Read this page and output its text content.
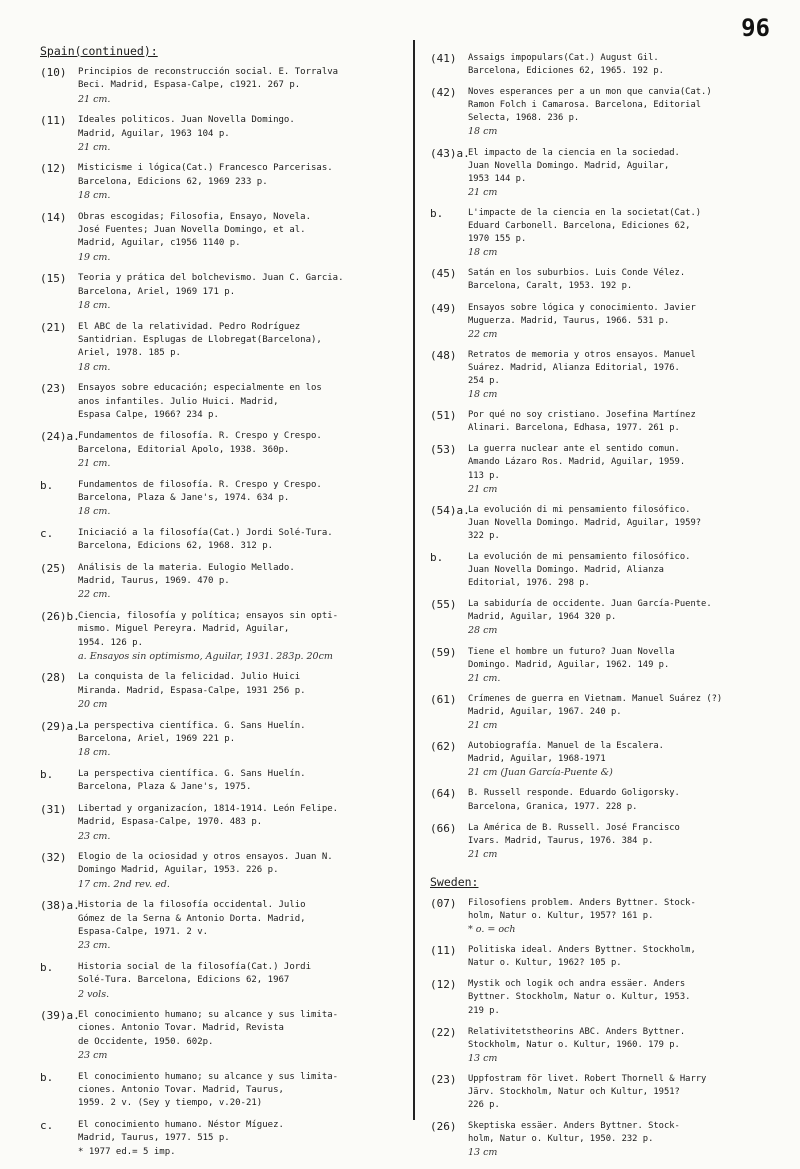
96
Spain(continued):
(10) Principios de reconstrucción social. E. Torralva
Beci. Madrid, Espasa-Calpe, c1921. 267 p.
21 cm.
(11) Ideales politicos. Juan Novella Domingo.
Madrid, Aguilar, 1963 104 p.
21 cm.
(12) Misticisme i lógica(Cat.) Francesco Parcerisas.
Barcelona, Edicions 62, 1969 233 p.
18 cm.
(14) Obras escogidas; Filosofia, Ensayo, Novela.
José Fuentes; Juan Novella Domingo, et al.
Madrid, Aguilar, c1956 1140 p.
19 cm.
(15) Teoria y prática del bolchevismo. Juan C. Garcia.
Barcelona, Ariel, 1969 171 p.
18 cm.
(21) El ABC de la relatividad. Pedro Rodríguez
Santidrian. Esplugas de Llobregat(Barcelona),
Ariel, 1978. 185 p.
18 cm.
(23) Ensayos sobre educación; especialmente en los
anos infantiles. Julio Huici. Madrid,
Espasa Calpe, 1966? 234 p.
(24)a.
Fundamentos de filosofía. R. Crespo y Crespo.
Barcelona, Editorial Apolo, 1938. 360p.
21 cm.
b.	Fundamentos de filosofía. R. Crespo y Crespo.
Barcelona, Plaza & Jane's, 1974. 634 p.
18 cm.
c.	Iniciació a la filosofía(Cat.) Jordi Solé-Tura.
Barcelona, Edicions 62, 1968. 312 p.
(25) Análisis de la materia. Eulogio Mellado.
Madrid, Taurus, 1969. 470 p.
22 cm.
(26)b.
Ciencia, filosofía y política; ensayos sin opti-
mismo. Miguel Pereyra. Madrid, Aguilar,
1954. 126 p.
a. Ensayos sin optimismo, Aguilar, 1931. 283p. 20cm
(28) La conquista de la felicidad. Julio Huici
Miranda. Madrid, Espasa-Calpe, 1931 256 p.
20 cm
(29)a.
La perspectiva científica. G. Sans Huelín.
Barcelona, Ariel, 1969 221 p.
18 cm.
b.	La perspectiva científica. G. Sans Huelín.
Barcelona, Plaza & Jane's, 1975.
(31) Libertad y organizacíon, 1814-1914. León Felipe.
Madrid, Espasa-Calpe, 1970. 483 p.
23 cm.
(32) Elogio de la ociosidad y otros ensayos. Juan N.
Domingo Madrid, Aguilar, 1953. 226 p.
17 cm. 2nd rev. ed.
(38)a.
Historia de la filosofía occidental. Julio
Gómez de la Serna & Antonio Dorta. Madrid,
Espasa-Calpe, 1971. 2 v.
23 cm.
b.	Historia social de la filosofía(Cat.) Jordi
Solé-Tura. Barcelona, Edicions 62, 1967
2 vols.
(39)a.
El conocimiento humano; su alcance y sus limita-
ciones. Antonio Tovar. Madrid, Revista
de Occidente, 1950. 602p.
23 cm
b.	El conocimiento humano; su alcance y sus limita-
ciones. Antonio Tovar. Madrid, Taurus,
1959. 2 v. (Sey y tiempo, v.20-21)
c.	El conocimiento humano. Néstor Míguez.
Madrid, Taurus, 1977. 515 p.
* 1977 ed.= 5 imp.
(41) Assaigs impopulars(Cat.) August Gil.
Barcelona, Ediciones 62, 1965. 192 p.
(42) Noves esperances per a un mon que canvia(Cat.)
Ramon Folch i Camarosa. Barcelona, Editorial
Selecta, 1968. 236 p.
18 cm
(43)a.
El impacto de la ciencia en la sociedad.
Juan Novella Domingo. Madrid, Aguilar,
1953 144 p.
21 cm
b.	L'impacte de la ciencia en la societat(Cat.)
Eduard Carbonell. Barcelona, Ediciones 62,
1970 155 p.
18 cm
(45) Satán en los suburbios. Luis Conde Vélez.
Barcelona, Caralt, 1953. 192 p.
(49) Ensayos sobre lógica y conocimiento. Javier
Muguerza. Madrid, Taurus, 1966. 531 p.
22 cm
(48) Retratos de memoria y otros ensayos. Manuel
Suárez. Madrid, Alianza Editorial, 1976.
254 p.
18 cm
(51) Por qué no soy cristiano. Josefina Martínez
Alinari. Barcelona, Edhasa, 1977. 261 p.
(53) La guerra nuclear ante el sentido comun.
Amando Lázaro Ros. Madrid, Aguilar, 1959.
113 p.
21 cm
(54)a.
La evolución di mi pensamiento filosófico.
Juan Novella Domingo. Madrid, Aguilar, 1959?
322 p.
b.	La evolución de mi pensamiento filosófico.
Juan Novella Domingo. Madrid, Alianza
Editorial, 1976. 298 p.
(55) La sabiduría de occidente. Juan García-Puente.
Madrid, Aguilar, 1964 320 p.
28 cm
(59) Tiene el hombre un futuro? Juan Novella
Domingo. Madrid, Aguilar, 1962. 149 p.
21 cm.
(61) Crímenes de guerra en Vietnam. Manuel Suárez (?)
Madrid, Aguilar, 1967. 240 p.
21 cm
(62) Autobiografía. Manuel de la Escalera.
Madrid, Aguilar, 1968-1971
21 cm (Juan García-Puente &)
(64) B. Russell responde. Eduardo Goligorsky.
Barcelona, Granica, 1977. 228 p.
(66) La América de B. Russell. José Francisco
Ivars. Madrid, Taurus, 1976. 384 p.
21 cm
Sweden:
(07) Filosofiens problem. Anders Byttner. Stock-
holm, Natur o. Kultur, 1957? 161 p.
* o. = och
(11) Politiska ideal. Anders Byttner. Stockholm,
Natur o. Kultur, 1962? 105 p.
(12) Mystik och logik och andra essäer. Anders
Byttner. Stockholm, Natur o. Kultur, 1953.
219 p.
(22) Relativitetstheorins ABC. Anders Byttner.
Stockholm, Natur o. Kultur, 1960. 179 p.
13 cm
(23) Uppfostram för livet. Robert Thornell & Harry
Järv. Stockholm, Natur och Kultur, 1951?
226 p.
(26) Skeptiska essäer. Anders Byttner. Stock-
holm, Natur o. Kultur, 1950. 232 p.
13 cm
